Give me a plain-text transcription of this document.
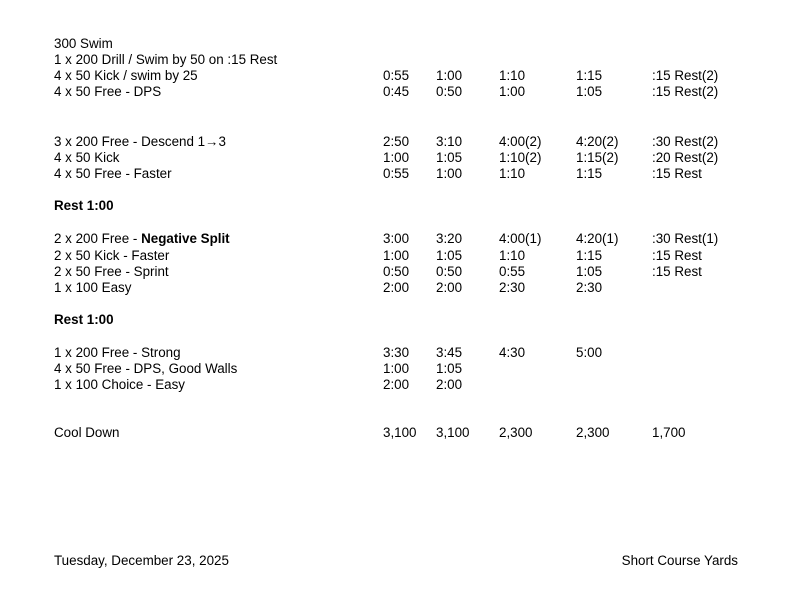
300 Swim
1 x 200 Drill / Swim by 50 on :15 Rest
4 x 50 Kick / swim by 25	0:55 1:00	1:10	1:15	:15 Rest(2)
4 x 50 Free - DPS	0:45 0:50	1:00	1:05	:15 Rest(2)
3 x 200 Free - Descend 1→3	2:50 3:10	4:00(2)	4:20(2)	:30 Rest(2)
4 x 50 Kick	1:00 1:05	1:10(2)	1:15(2)	:20 Rest(2)
4 x 50 Free - Faster	0:55 1:00	1:10	1:15	:15 Rest
Rest 1:00
2 x 200 Free - Negative Split	3:00 3:20	4:00(1)	4:20(1)	:30 Rest(1)
2 x 50 Kick - Faster	1:00 1:05	1:10	1:15	:15 Rest
2 x 50 Free - Sprint	0:50 0:50	0:55	1:05	:15 Rest
1 x 100 Easy	2:00 2:00	2:30	2:30
Rest 1:00
1 x 200 Free - Strong	3:30 3:45	4:30	5:00
4 x 50 Free - DPS, Good Walls	1:00 1:05
1 x 100 Choice - Easy	2:00 2:00
Cool Down	3,100 3,100 2,300	2,300	1,700
Tuesday, December 23, 2025	Short Course Yards
